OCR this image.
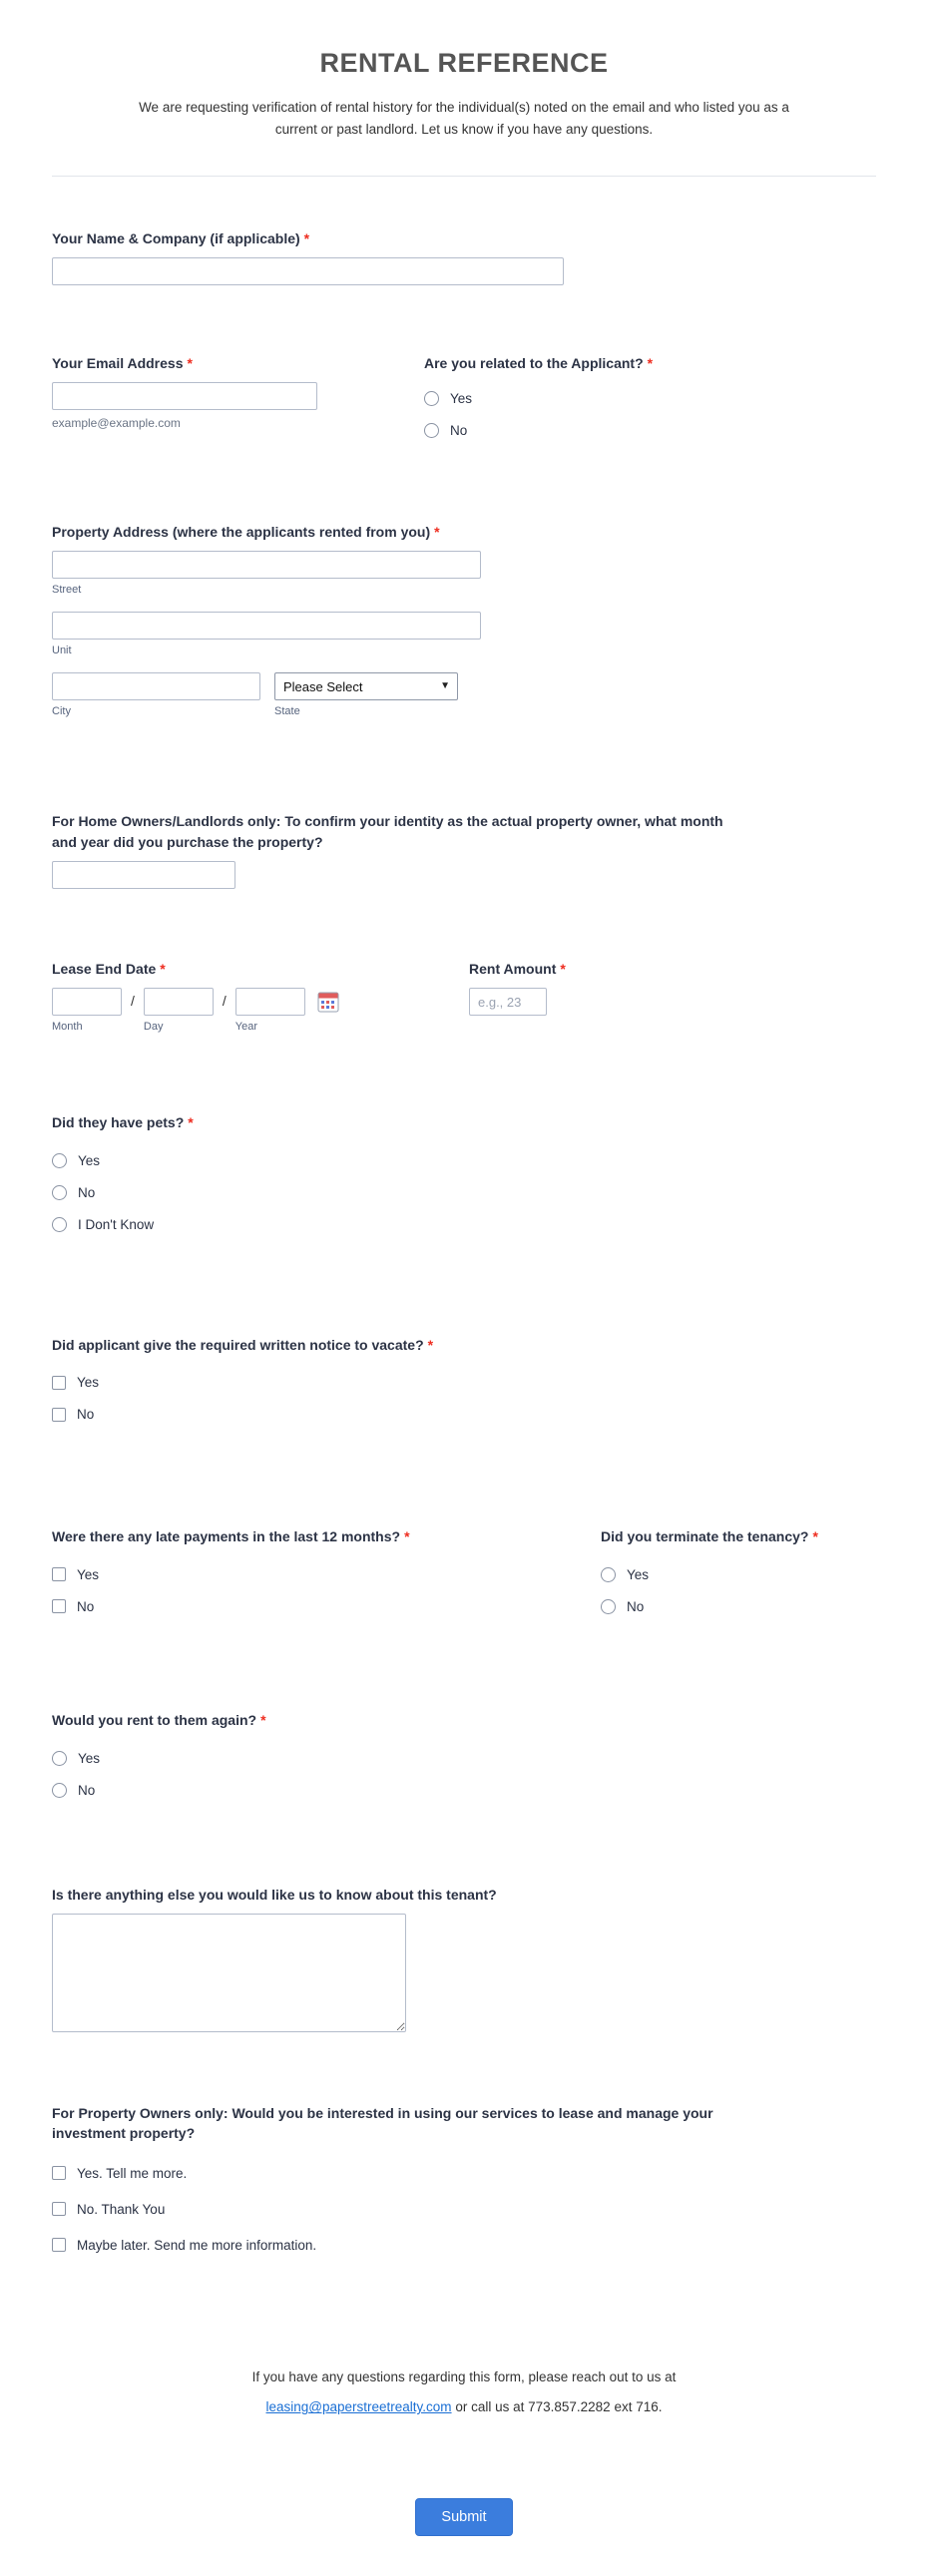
RENTAL REFERENCE

We are requesting verification of rental history for the individual(s) noted on the email and who listed you as a current or past landlord. Let us know if you have any questions.

Your Name & Company (if applicable) *
Your Email Address *
example@example.com
Are you related to the Applicant? *
Yes
No
Property Address (where the applicants rented from you) *
Street
Unit
City
Please Select
▼
State
For Home Owners/Landlords only: To confirm your identity as the actual property owner, what month and year did you purchase the property?
Lease End Date *
Month
/
Day
/
Year
Rent Amount *
e.g., 23
Did they have pets? *
Yes
No
I Don't Know
Did applicant give the required written notice to vacate? *
Yes
No
Were there any late payments in the last 12 months? *
Yes
No
Did you terminate the tenancy? *
Yes
No
Would you rent to them again? *
Yes
No
Is there anything else you would like us to know about this tenant?
For Property Owners only: Would you be interested in using our services to lease and manage your investment property?
Yes. Tell me more.
No. Thank You
Maybe later. Send me more information.
If you have any questions regarding this form, please reach out to us at
leasing@paperstreetrealty.com or call us at 773.857.2282 ext 716.
Submit
